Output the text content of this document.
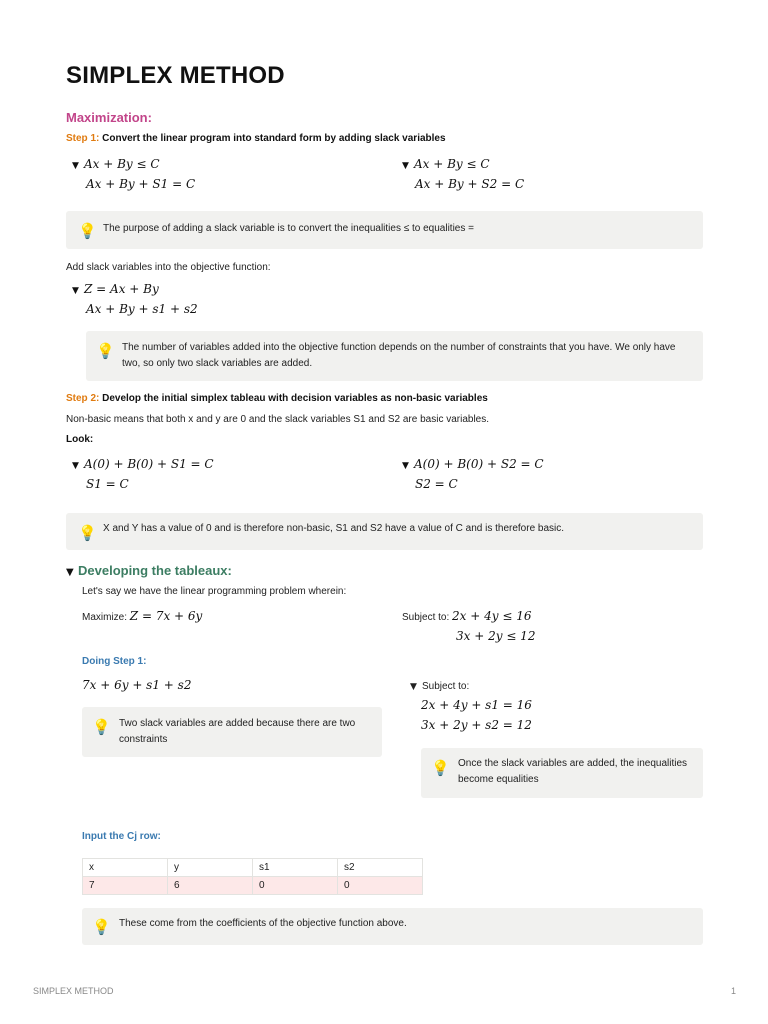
SIMPLEX METHOD
Maximization:
Step 1: Convert the linear program into standard form by adding slack variables
▼ Ax + By ≤ C
Ax + By + S1 = C
▼ Ax + By ≤ C
Ax + By + S2 = C
💡 The purpose of adding a slack variable is to convert the inequalities ≤ to equalities =
Add slack variables into the objective function:
▼ Z = Ax + By
Ax + By + s1 + s2
💡 The number of variables added into the objective function depends on the number of constraints that you have. We only have two, so only two slack variables are added.
Step 2: Develop the initial simplex tableau with decision variables as non-basic variables
Non-basic means that both x and y are 0 and the slack variables S1 and S2 are basic variables.
Look:
▼ A(0) + B(0) + S1 = C
S1 = C
▼ A(0) + B(0) + S2 = C
S2 = C
💡 X and Y has a value of 0 and is therefore non-basic, S1 and S2 have a value of C and is therefore basic.
▼ Developing the tableaux:
Let's say we have the linear programming problem wherein:
Maximize: Z = 7x + 6y	Subject to: 2x + 4y ≤ 16
3x + 2y ≤ 12
Doing Step 1:
7x + 6y + s1 + s2	▼ Subject to:
2x + 4y + s1 = 16
3x + 2y + s2 = 12
💡 Two slack variables are added because there are two constraints
💡 Once the slack variables are added, the inequalities become equalities
Input the Cj row:
x	y	s1	s2
7	6	0	0
💡 These come from the coefficients of the objective function above.
SIMPLEX METHOD	1
